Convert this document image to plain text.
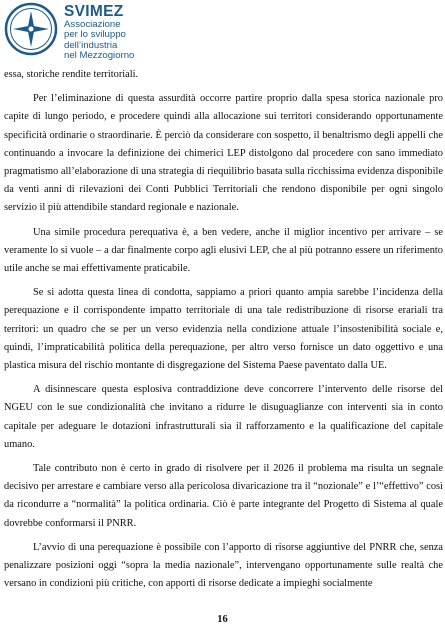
SVIMEZ
Associazione
per lo sviluppo
dell’industria
nel Mezzogiorno

essa, storiche rendite territoriali.

Per l’eliminazione di questa assurdità occorre partire proprio dalla spesa storica nazionale pro capite di lungo periodo, e procedere quindi alla allocazione sui territori considerando opportunamente specificità ordinarie o straordinarie. È perciò da considerare con sospetto, il benaltrismo degli appelli che continuando a invocare la definizione dei chimerici LEP distolgono dal procedere con sano immediato pragmatismo all’elaborazione di una strategia di riequilibrio basata sulla ricchissima evidenza disponibile da venti anni di rilevazioni dei Conti Pubblici Territoriali che rendono disponibile per ogni singolo servizio il più attendibile standard regionale e nazionale.

Una simile procedura perequativa è, a ben vedere, anche il miglior incentivo per arrivare – se veramente lo si vuole – a dar finalmente corpo agli elusivi LEP, che al più potranno essere un riferimento utile anche se mai effettivamente praticabile.

Se si adotta questa linea di condotta, sappiamo a priori quanto ampia sarebbe l’incidenza della perequazione e il corrispondente impatto territoriale di una tale redistribuzione di risorse erariali tra territori: un quadro che se per un verso evidenzia nella condizione attuale l’insostenibilità sociale e, quindi, l’impraticabilità politica della perequazione, per altro verso fornisce un dato oggettivo e una plastica misura del rischio montante di disgregazione del Sistema Paese paventato dalla UE.

A disinnescare questa esplosiva contraddizione deve concorrere l’intervento delle risorse del NGEU con le sue condizionalità che invitano a ridurre le disuguaglianze con interventi sia in conto capitale per adeguare le dotazioni infrastrutturali sia il rafforzamento e la qualificazione del capitale umano.

Tale contributo non è certo in grado di risolvere per il 2026 il problema ma risulta un segnale decisivo per arrestare e cambiare verso alla pericolosa divaricazione tra il “nozionale” e l’“effettivo” così da ricondurre a “normalità” la politica ordinaria. Ciò è parte integrante del Progetto di Sistema al quale dovrebbe conformarsi il PNRR.

L’avvio di una perequazione è possibile con l’apporto di risorse aggiuntive del PNRR che, senza penalizzare posizioni oggi “sopra la media nazionale”, intervengano opportunamente sulle realtà che versano in condizioni più critiche, con apporti di risorse dedicate a impieghi socialmente

16
